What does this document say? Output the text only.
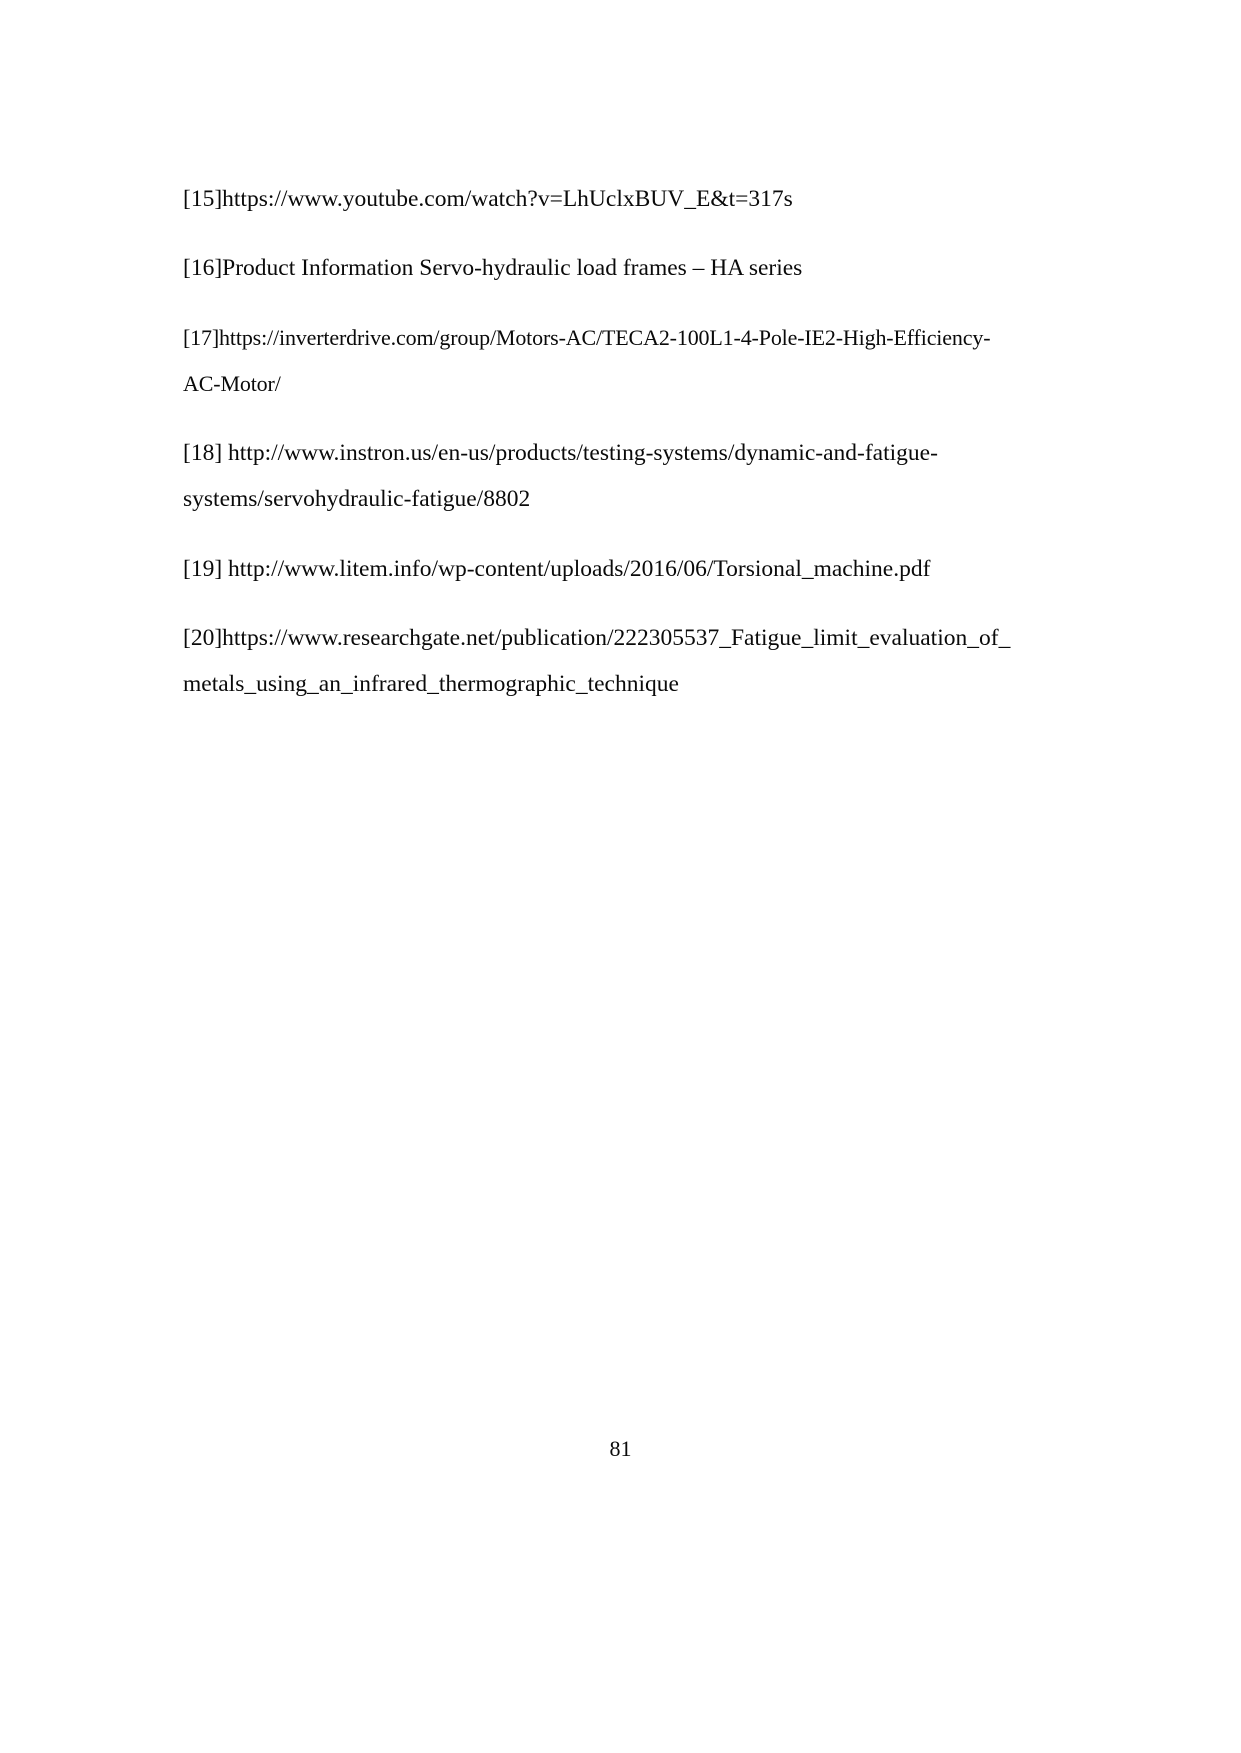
[15]https://www.youtube.com/watch?v=LhUclxBUV_E&t=317s

[16]Product Information Servo-hydraulic load frames – HA series

[17]https://inverterdrive.com/group/Motors-AC/TECA2-100L1-4-Pole-IE2-High-Efficiency-AC-Motor/

[18] http://www.instron.us/en-us/products/testing-systems/dynamic-and-fatigue-systems/servohydraulic-fatigue/8802

[19] http://www.litem.info/wp-content/uploads/2016/06/Torsional_machine.pdf

[20]https://www.researchgate.net/publication/222305537_Fatigue_limit_evaluation_of_metals_using_an_infrared_thermographic_technique

81
